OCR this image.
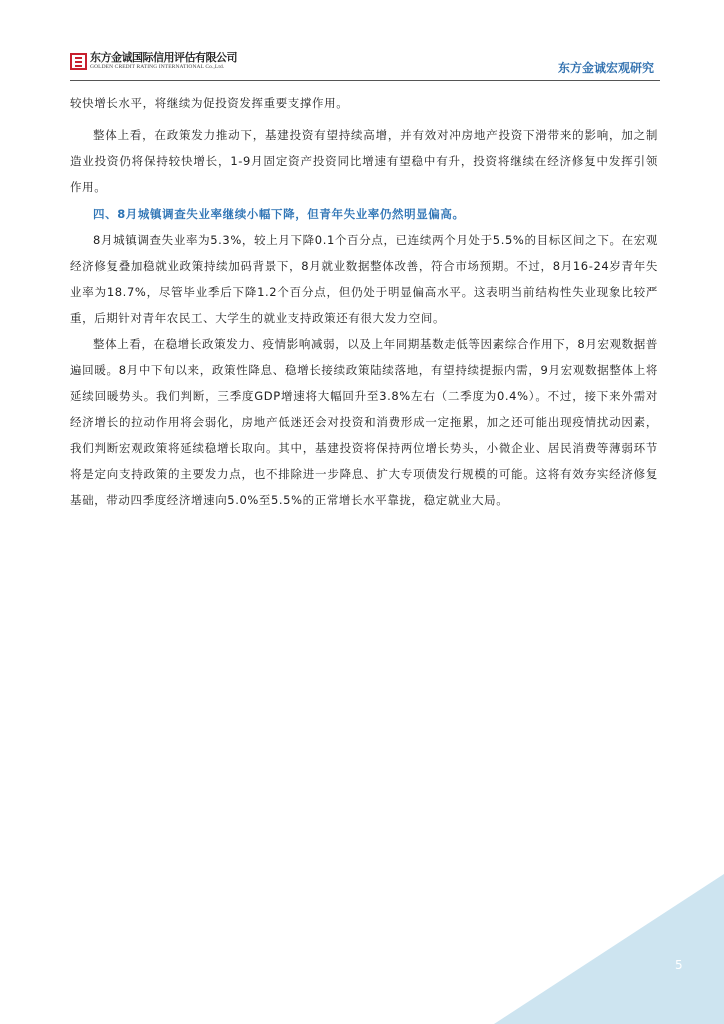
东方金诚国际信用评估有限公司
GOLDEN CREDIT RATING INTERNATIONAL Co.,Ltd.	东方金诚宏观研究

较快增长水平，将继续为促投资发挥重要支撑作用。

整体上看，在政策发力推动下，基建投资有望持续高增，并有效对冲房地产投资下滑带来的影响，加之制造业投资仍将保持较快增长，1-9月固定资产投资同比增速有望稳中有升，投资将继续在经济修复中发挥引领作用。

四、8月城镇调查失业率继续小幅下降，但青年失业率仍然明显偏高。

8月城镇调查失业率为5.3%，较上月下降0.1个百分点，已连续两个月处于5.5%的目标区间之下。在宏观经济修复叠加稳就业政策持续加码背景下，8月就业数据整体改善，符合市场预期。不过，8月16-24岁青年失业率为18.7%，尽管毕业季后下降1.2个百分点，但仍处于明显偏高水平。这表明当前结构性失业现象比较严重，后期针对青年农民工、大学生的就业支持政策还有很大发力空间。

整体上看，在稳增长政策发力、疫情影响减弱，以及上年同期基数走低等因素综合作用下，8月宏观数据普遍回暖。8月中下旬以来，政策性降息、稳增长接续政策陆续落地，有望持续提振内需，9月宏观数据整体上将延续回暖势头。我们判断，三季度GDP增速将大幅回升至3.8%左右（二季度为0.4%）。不过，接下来外需对经济增长的拉动作用将会弱化，房地产低迷还会对投资和消费形成一定拖累，加之还可能出现疫情扰动因素，我们判断宏观政策将延续稳增长取向。其中，基建投资将保持两位增长势头，小微企业、居民消费等薄弱环节将是定向支持政策的主要发力点，也不排除进一步降息、扩大专项债发行规模的可能。这将有效夯实经济修复基础，带动四季度经济增速向5.0%至5.5%的正常增长水平靠拢，稳定就业大局。

5
